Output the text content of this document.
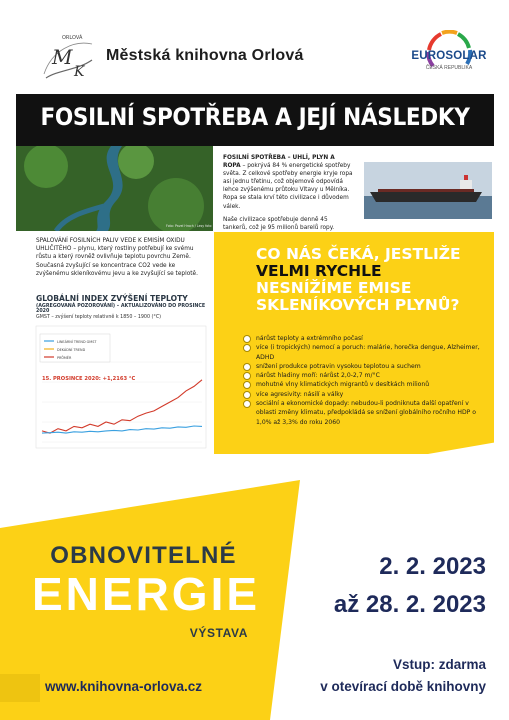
ORLOVÁ
M
K
Městská knihovna Orlová	EUROSOLAR
ČESKÁ REPUBLIKA
FOSILNÍ SPOTŘEBA A JEJÍ NÁSLEDKY
Foto: Pavel Hroch / Lesy foto
FOSILNÍ SPOTŘEBA – UHLÍ, PLYN A ROPA – pokrývá 84 % energetické spotřeby světa. Z celkové spotřeby energie kryje ropa asi jednu třetinu, což objemově odpovídá lehce zvýšenému průtoku Vltavy u Mělníka. Ropa se stala krví této civilizace i důvodem válek.
Naše civilizace spotřebuje denně 45 tankerů, což je 95 milionů barelů ropy.
SPALOVÁNÍ FOSILNÍCH PALIV VEDE K EMISÍM OXIDU UHLIČITÉHO – plynu, který rostliny potřebují ke svému růstu a který rovněž ovlivňuje teplotu povrchu Země. Současná zvyšující se koncentrace CO2 vede ke zvýšenému skleníkovému jevu a ke zvyšující se teplotě.
GLOBÁLNÍ INDEX ZVÝŠENÍ TEPLOTY
(AGREGOVANÁ POZOROVÁNÍ) – AKTUALIZOVÁNO DO PROSINCE 2020
GMST – zvýšení teploty relativně k 1850 – 1900 (°C)
LINEÁRNÍ TREND GMST
DEKÁDNÍ TREND
PRŮMĚR
15. PROSINCE 2020: +1,2163 °C
CO NÁS ČEKÁ, JESTLIŽE VELMI RYCHLE NESNÍŽÍME EMISE SKLENÍKOVÝCH PLYNŮ?
nárůst teploty a extrémního počasí
více (i tropických) nemocí a poruch: malárie, horečka dengue, Alzheimer, ADHD
snížení produkce potravin vysokou teplotou a suchem
nárůst hladiny moří: nárůst 2,0-2,7 m/°C
mohutné vlny klimatických migrantů v desítkách milionů
více agresivity: násilí a války
sociální a ekonomické dopady: nebudou-li podniknuta další opatření v oblasti změny klimatu, předpokládá se snížení globálního ročního HDP o 1,0% až 3,3% do roku 2060
OBNOVITELNÉ
ENERGIE
VÝSTAVA
2. 2. 2023
až 28. 2. 2023
Vstup: zdarma
v otevírací době knihovny
www.knihovna-orlova.cz
